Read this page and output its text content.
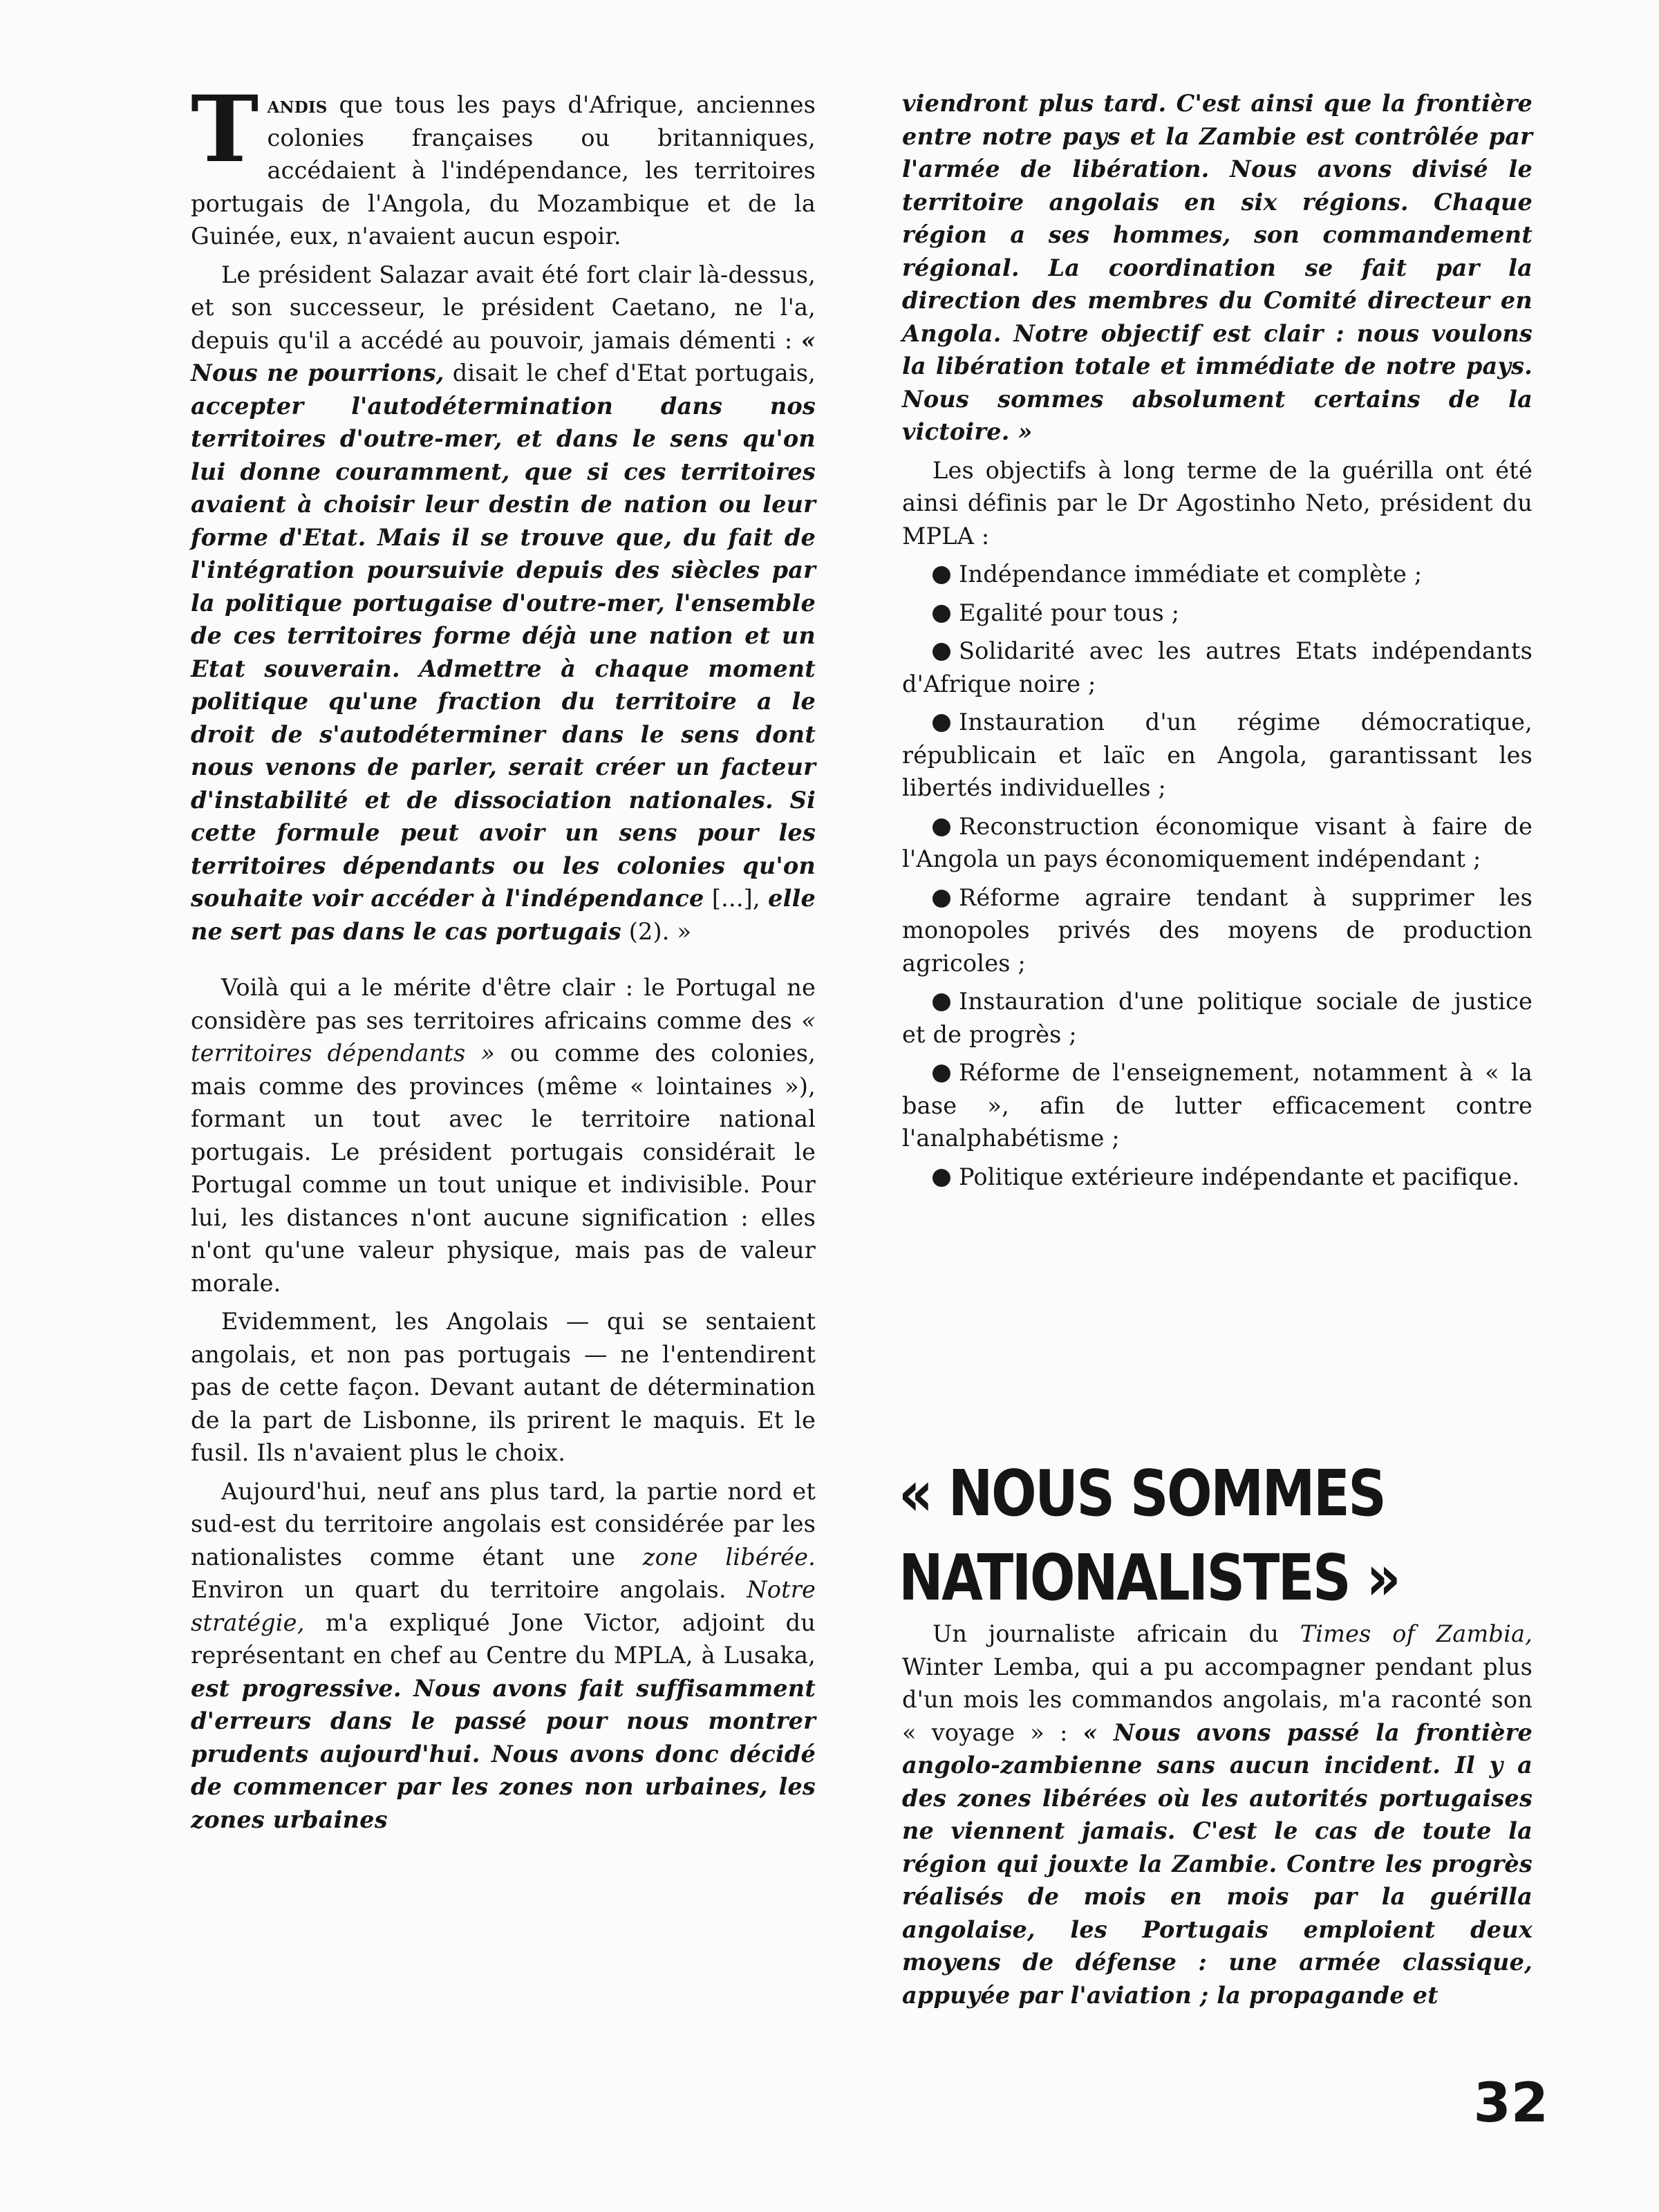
Tandis que tous les pays d'Afrique, anciennes colonies françaises ou britanniques, accédaient à l'indépendance, les territoires portugais de l'Angola, du Mozambique et de la Guinée, eux, n'avaient aucun espoir.

Le président Salazar avait été fort clair là-dessus, et son successeur, le président Caetano, ne l'a, depuis qu'il a accédé au pouvoir, jamais démenti : « Nous ne pourrions, disait le chef d'Etat portugais, accepter l'autodétermination dans nos territoires d'outre-mer, et dans le sens qu'on lui donne couramment, que si ces territoires avaient à choisir leur destin de nation ou leur forme d'Etat. Mais il se trouve que, du fait de l'intégration poursuivie depuis des siècles par la politique portugaise d'outre-mer, l'ensemble de ces territoires forme déjà une nation et un Etat souverain. Admettre à chaque moment politique qu'une fraction du territoire a le droit de s'autodéterminer dans le sens dont nous venons de parler, serait créer un facteur d'instabilité et de dissociation nationales. Si cette formule peut avoir un sens pour les territoires dépendants ou les colonies qu'on souhaite voir accéder à l'indépendance [...], elle ne sert pas dans le cas portugais (2). »

Voilà qui a le mérite d'être clair : le Portugal ne considère pas ses territoires africains comme des « territoires dépendants » ou comme des colonies, mais comme des provinces (même « lointaines »), formant un tout avec le territoire national portugais. Le président portugais considérait le Portugal comme un tout unique et indivisible. Pour lui, les distances n'ont aucune signification : elles n'ont qu'une valeur physique, mais pas de valeur morale.

Evidemment, les Angolais — qui se sentaient angolais, et non pas portugais — ne l'entendirent pas de cette façon. Devant autant de détermination de la part de Lisbonne, ils prirent le maquis. Et le fusil. Ils n'avaient plus le choix.

Aujourd'hui, neuf ans plus tard, la partie nord et sud-est du territoire angolais est considérée par les nationalistes comme étant une zone libérée. Environ un quart du territoire angolais. Notre stratégie, m'a expliqué Jone Victor, adjoint du représentant en chef au Centre du MPLA, à Lusaka, est progressive. Nous avons fait suffisamment d'erreurs dans le passé pour nous montrer prudents aujourd'hui. Nous avons donc décidé de commencer par les zones non urbaines, les zones urbaines

viendront plus tard. C'est ainsi que la frontière entre notre pays et la Zambie est contrôlée par l'armée de libération. Nous avons divisé le territoire angolais en six régions. Chaque région a ses hommes, son commandement régional. La coordination se fait par la direction des membres du Comité directeur en Angola. Notre objectif est clair : nous voulons la libération totale et immédiate de notre pays. Nous sommes absolument certains de la victoire. »

Les objectifs à long terme de la guérilla ont été ainsi définis par le Dr Agostinho Neto, président du MPLA :

Indépendance immédiate et complète ;

Egalité pour tous ;

Solidarité avec les autres Etats indépendants d'Afrique noire ;

Instauration d'un régime démocratique, républicain et laïc en Angola, garantissant les libertés individuelles ;

Reconstruction économique visant à faire de l'Angola un pays économiquement indépendant ;

Réforme agraire tendant à supprimer les monopoles privés des moyens de production agricoles ;

Instauration d'une politique sociale de justice et de progrès ;

Réforme de l'enseignement, notamment à « la base », afin de lutter efficacement contre l'analphabétisme ;

Politique extérieure indépendante et pacifique.

« NOUS SOMMES
NATIONALISTES »

Un journaliste africain du Times of Zambia, Winter Lemba, qui a pu accompagner pendant plus d'un mois les commandos angolais, m'a raconté son « voyage » : « Nous avons passé la frontière angolo-zambienne sans aucun incident. Il y a des zones libérées où les autorités portugaises ne viennent jamais. C'est le cas de toute la région qui jouxte la Zambie. Contre les progrès réalisés de mois en mois par la guérilla angolaise, les Portugais emploient deux moyens de défense : une armée classique, appuyée par l'aviation ; la propagande et

32
